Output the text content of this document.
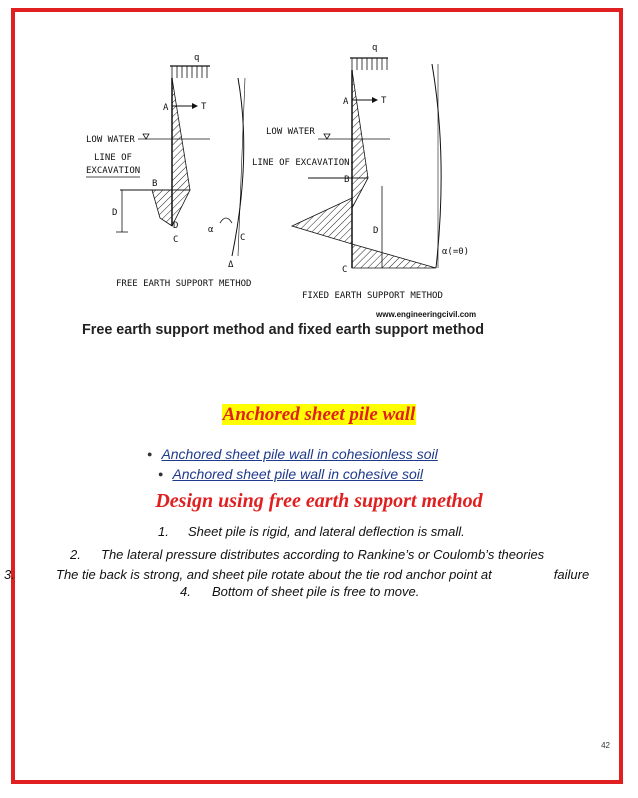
q
A	T
LOW WATER
LINE OF
EXCAVATION
B
D
C
D
α
C
Δ
FREE EARTH SUPPORT METHOD
q
A	T
LOW WATER
LINE OF EXCAVATION-
B
C
D
α(=0)
FIXED EARTH SUPPORT METHOD
www.engineeringcivil.com
Free earth support method and fixed earth support method
Anchored sheet pile wall
● Anchored sheet pile wall in cohesionless soil
● Anchored sheet pile wall in cohesive soil
Design using free earth support method
1. Sheet pile is rigid, and lateral deflection is small.
2. The lateral pressure distributes according to Rankine’s or Coulomb’s theories
3.	The tie back is strong, and sheet pile rotate about the tie rod anchor point at	failure
4. Bottom of sheet pile is free to move.
42
